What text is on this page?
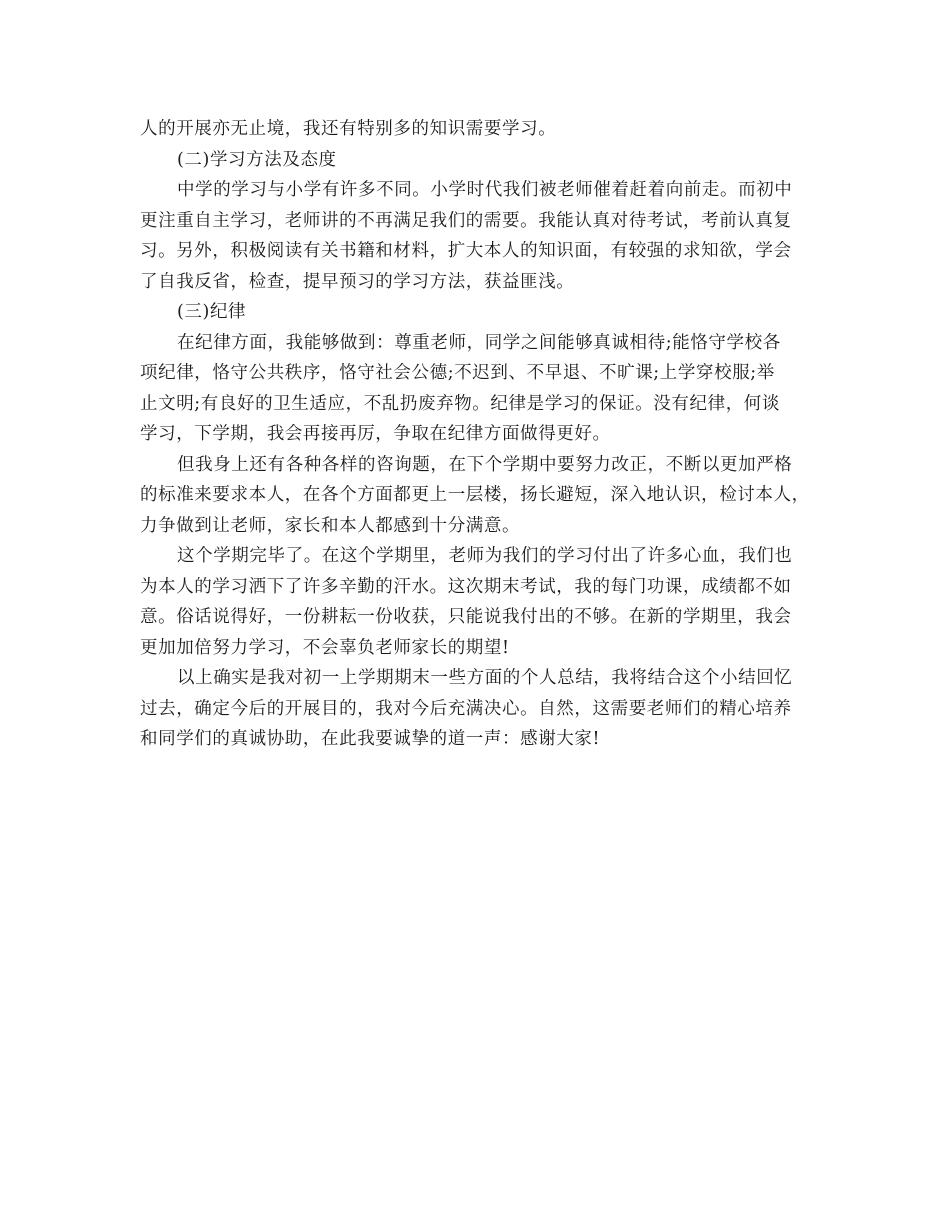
人的开展亦无止境，我还有特别多的知识需要学习。
(二)学习方法及态度
中学的学习与小学有许多不同。小学时代我们被老师催着赶着向前走。而初中
更注重自主学习，老师讲的不再满足我们的需要。我能认真对待考试，考前认真复
习。另外，积极阅读有关书籍和材料，扩大本人的知识面，有较强的求知欲，学会
了自我反省，检查，提早预习的学习方法，获益匪浅。
(三)纪律
在纪律方面，我能够做到：尊重老师，同学之间能够真诚相待;能恪守学校各
项纪律，恪守公共秩序，恪守社会公德;不迟到、不早退、不旷课;上学穿校服;举
止文明;有良好的卫生适应，不乱扔废弃物。纪律是学习的保证。没有纪律，何谈
学习，下学期，我会再接再厉，争取在纪律方面做得更好。
但我身上还有各种各样的咨询题，在下个学期中要努力改正，不断以更加严格
的标准来要求本人，在各个方面都更上一层楼，扬长避短，深入地认识，检讨本人，
力争做到让老师，家长和本人都感到十分满意。
这个学期完毕了。在这个学期里，老师为我们的学习付出了许多心血，我们也
为本人的学习洒下了许多辛勤的汗水。这次期末考试，我的每门功课，成绩都不如
意。俗话说得好，一份耕耘一份收获，只能说我付出的不够。在新的学期里，我会
更加加倍努力学习，不会辜负老师家长的期望!
以上确实是我对初一上学期期末一些方面的个人总结，我将结合这个小结回忆
过去，确定今后的开展目的，我对今后充满决心。自然，这需要老师们的精心培养
和同学们的真诚协助，在此我要诚挚的道一声：感谢大家!
